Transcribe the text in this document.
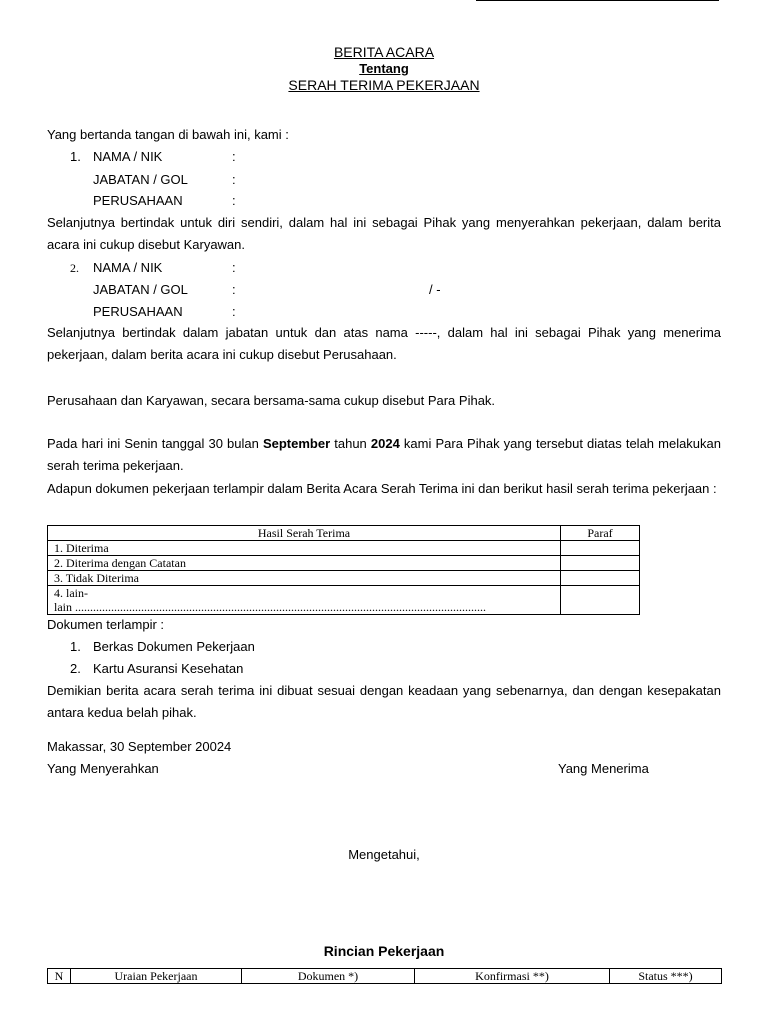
BERITA ACARA
Tentang
SERAH TERIMA PEKERJAAN
Yang bertanda tangan di bawah ini, kami :
1. NAMA / NIK	:
JABATAN / GOL	:
PERUSAHAAN	:
Selanjutnya bertindak untuk diri sendiri, dalam hal ini sebagai Pihak yang menyerahkan pekerjaan, dalam berita acara ini cukup disebut Karyawan.
2. NAMA / NIK	:
JABATAN / GOL	:	/ -
PERUSAHAAN	:
Selanjutnya bertindak dalam jabatan untuk dan atas nama -----, dalam hal ini sebagai Pihak yang menerima pekerjaan, dalam berita acara ini cukup disebut Perusahaan.
Perusahaan dan Karyawan, secara bersama-sama cukup disebut Para Pihak.
Pada hari ini Senin tanggal 30 bulan September tahun 2024 kami Para Pihak yang tersebut diatas telah melakukan serah terima pekerjaan.
Adapun dokumen pekerjaan terlampir dalam Berita Acara Serah Terima ini dan berikut hasil serah terima pekerjaan :
Hasil Serah Terima	Paraf
1. Diterima	
2. Diterima dengan Catatan	
3. Tidak Diterima	

4. lain-
lain .........................................................................................................................................	

Dokumen terlampir :
1. Berkas Dokumen Pekerjaan
2. Kartu Asuransi Kesehatan
Demikian berita acara serah terima ini dibuat sesuai dengan keadaan yang sebenarnya, dan dengan kesepakatan antara kedua belah pihak.
Makassar, 30 September 20024
Yang Menyerahkan	Yang Menerima
Mengetahui,
Rincian Pekerjaan
N	Uraian Pekerjaan	Dokumen *)	Konfirmasi **)	Status ***)
